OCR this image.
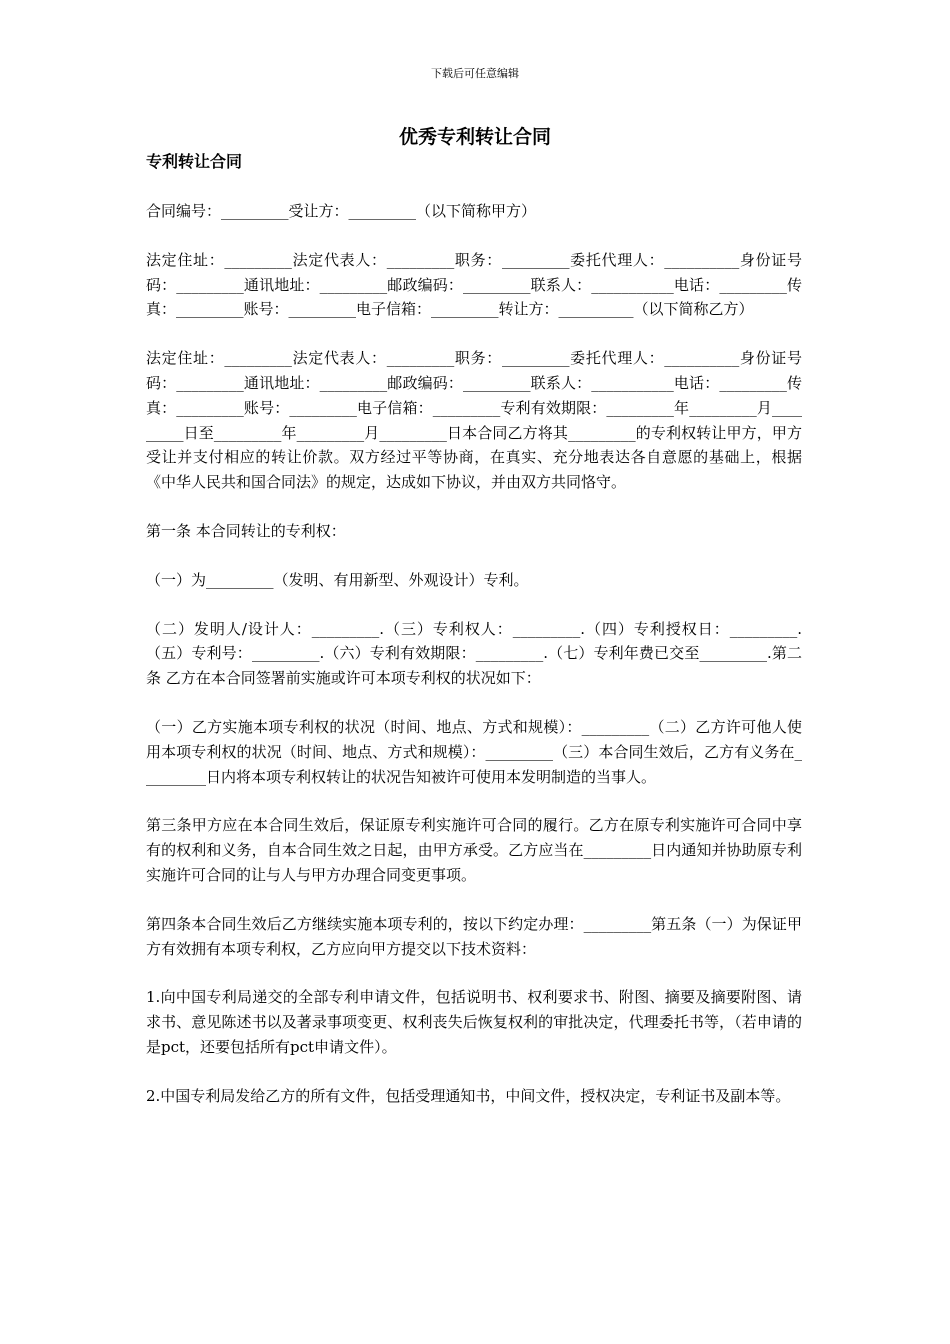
下载后可任意编辑
优秀专利转让合同
专利转让合同

合同编号：_________受让方：_________（以下简称甲方）

法定住址：_________法定代表人：_________职务：_________委托代理人：__________身份证号码：_________通讯地址：_________邮政编码：_________联系人：___________电话：_________传真：_________账号：_________电子信箱：_________转让方：__________（以下简称乙方）

法定住址：_________法定代表人：_________职务：_________委托代理人：__________身份证号码：_________通讯地址：_________邮政编码：_________联系人：___________电话：_________传真：_________账号：_________电子信箱：_________专利有效期限：_________年_________月_________日至_________年_________月_________日本合同乙方将其_________的专利权转让甲方，甲方受让并支付相应的转让价款。双方经过平等协商，在真实、充分地表达各自意愿的基础上，根据《中华人民共和国合同法》的规定，达成如下协议，并由双方共同恪守。

第一条 本合同转让的专利权：

（一）为_________（发明、有用新型、外观设计）专利。

（二）发明人/设计人：_________.（三）专利权人：_________.（四）专利授权日：_________.（五）专利号：_________.（六）专利有效期限：_________.（七）专利年费已交至_________.第二条 乙方在本合同签署前实施或许可本项专利权的状况如下：

（一）乙方实施本项专利权的状况（时间、地点、方式和规模）：_________（二）乙方许可他人使用本项专利权的状况（时间、地点、方式和规模）：_________（三）本合同生效后，乙方有义务在_________日内将本项专利权转让的状况告知被许可使用本发明制造的当事人。

第三条甲方应在本合同生效后，保证原专利实施许可合同的履行。乙方在原专利实施许可合同中享有的权利和义务，自本合同生效之日起，由甲方承受。乙方应当在_________日内通知并协助原专利实施许可合同的让与人与甲方办理合同变更事项。

第四条本合同生效后乙方继续实施本项专利的，按以下约定办理：_________第五条（一）为保证甲方有效拥有本项专利权，乙方应向甲方提交以下技术资料：

1.向中国专利局递交的全部专利申请文件，包括说明书、权利要求书、附图、摘要及摘要附图、请求书、意见陈述书以及著录事项变更、权利丧失后恢复权利的审批决定，代理委托书等，（若申请的是pct，还要包括所有pct申请文件）。

2.中国专利局发给乙方的所有文件，包括受理通知书，中间文件，授权决定，专利证书及副本等。
